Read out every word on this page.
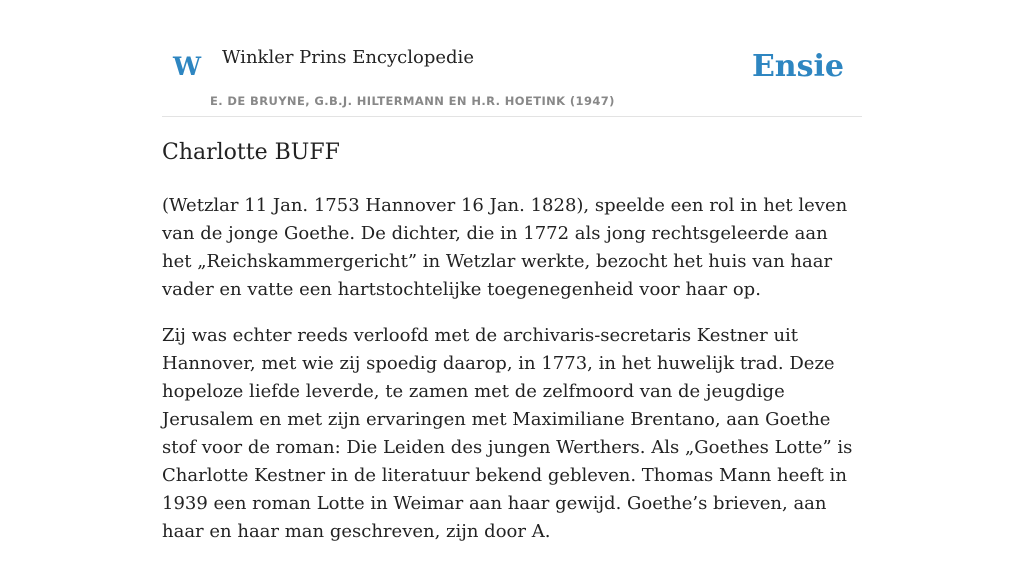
W Winkler Prins Encyclopedie
E. DE BRUYNE, G.B.J. HILTERMANN EN H.R. HOETINK (1947)
Ensie
Charlotte BUFF

(Wetzlar 11 Jan. 1753 Hannover 16 Jan. 1828), speelde een rol in het leven van de jonge Goethe. De dichter, die in 1772 als jong rechtsgeleerde aan het „Reichskammergericht” in Wetzlar werkte, bezocht het huis van haar vader en vatte een hartstochtelijke toegenegenheid voor haar op.

Zij was echter reeds verloofd met de archivaris-secretaris Kestner uit Hannover, met wie zij spoedig daarop, in 1773, in het huwelijk trad. Deze hopeloze liefde leverde, te zamen met de zelfmoord van de jeugdige Jerusalem en met zijn ervaringen met Maximiliane Brentano, aan Goethe stof voor de roman: Die Leiden des jungen Werthers. Als „Goethes Lotte” is Charlotte Kestner in de literatuur bekend gebleven. Thomas Mann heeft in 1939 een roman Lotte in Weimar aan haar gewijd. Goethe’s brieven, aan haar en haar man geschreven, zijn door A.
